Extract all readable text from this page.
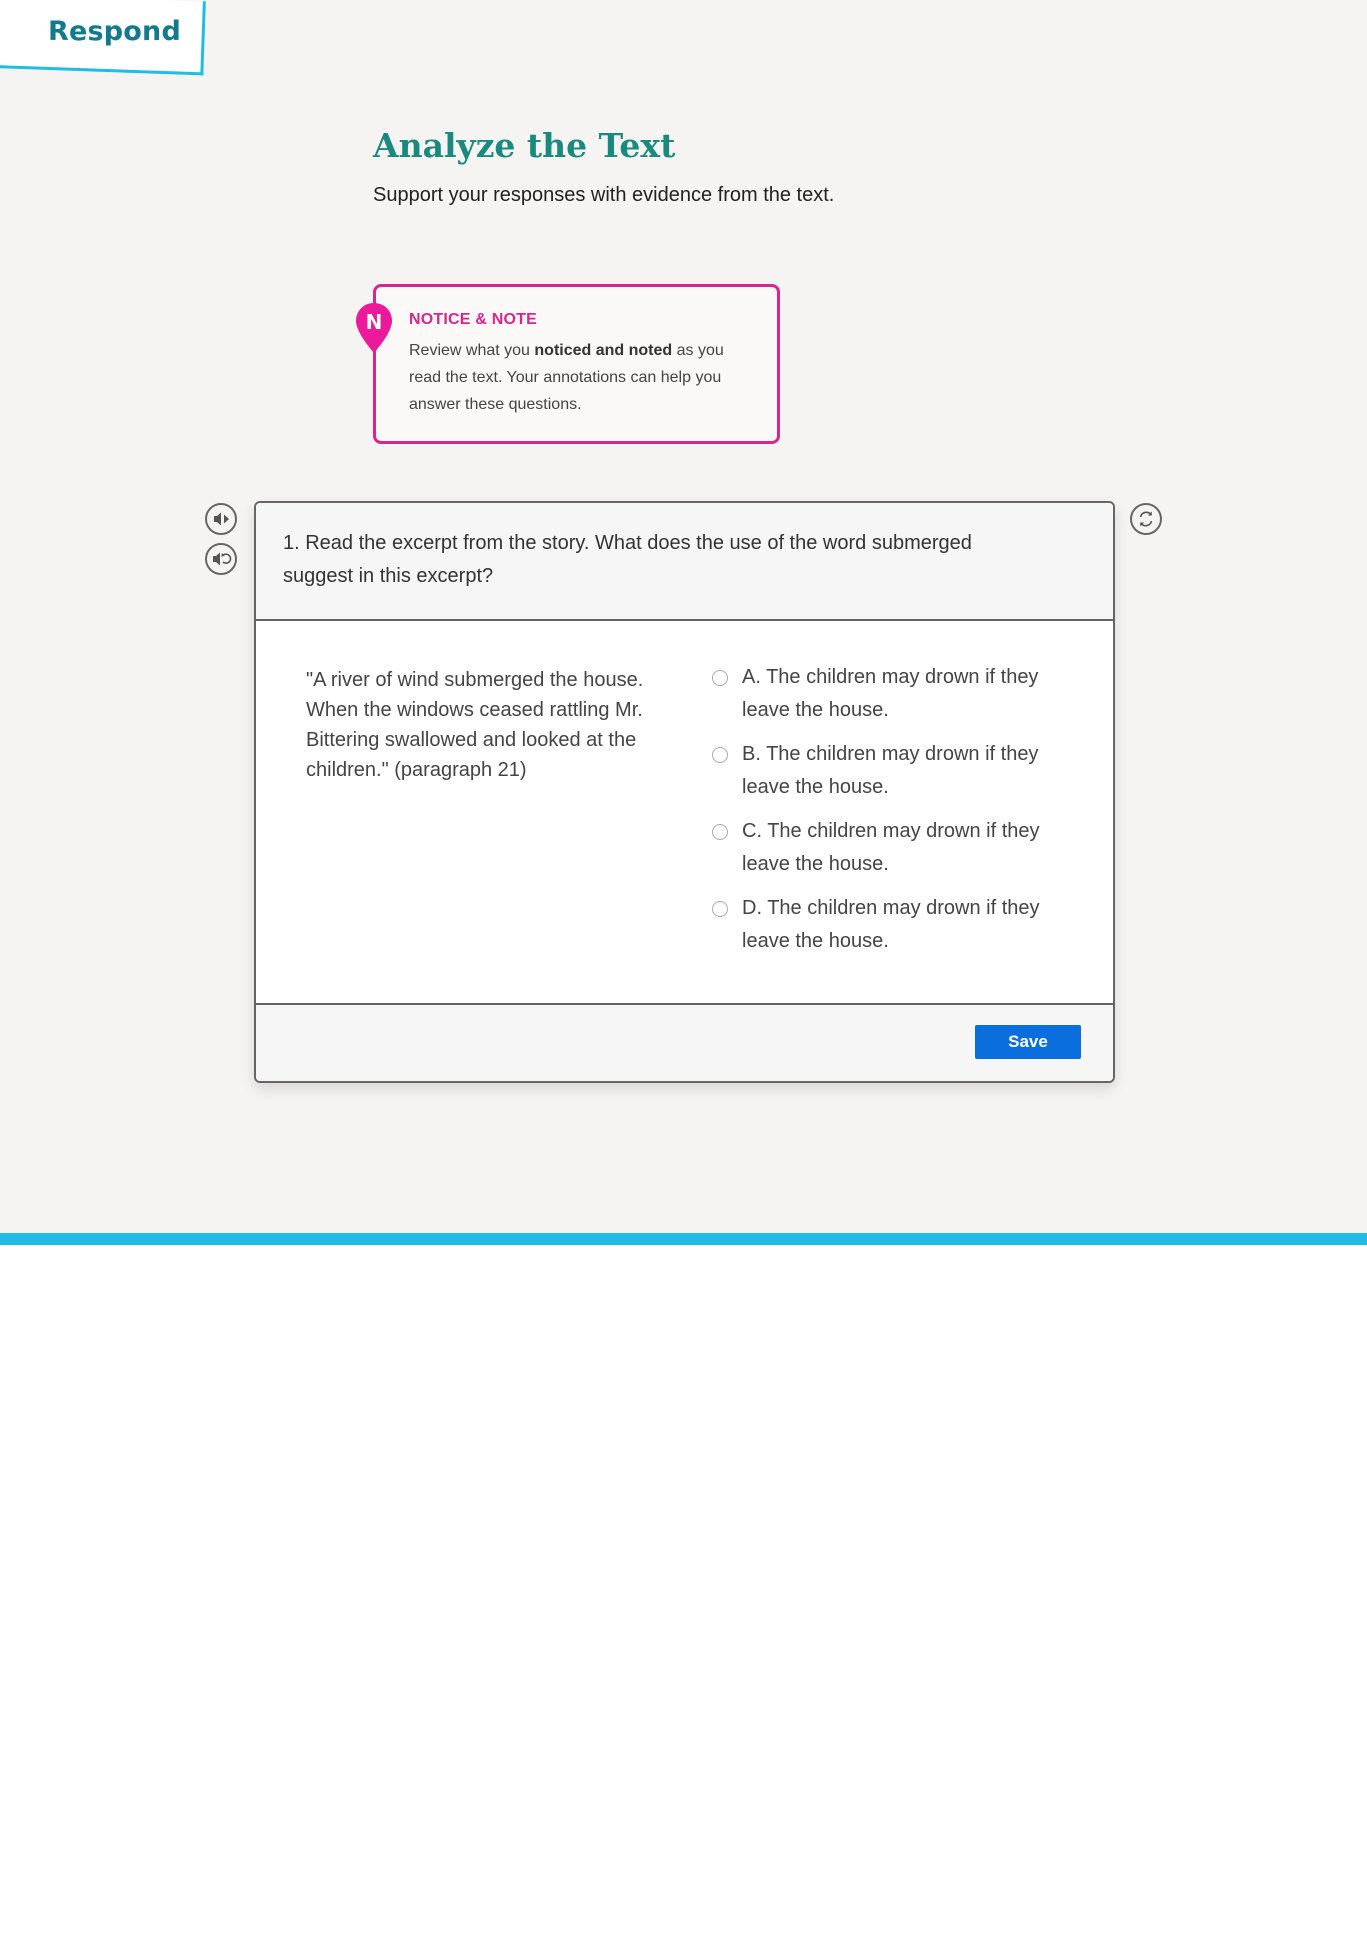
Respond
Analyze the Text

Support your responses with evidence from the text.

NOTICE & NOTE
Review what you noticed and noted as you read the text. Your annotations can help you answer these questions.
N
1. Read the excerpt from the story. What does the use of the word submerged suggest in this excerpt?
"A river of wind submerged the house. When the windows ceased rattling Mr. Bittering swallowed and looked at the children." (paragraph 21)
A. The children may drown if they leave the house.
B. The children may drown if they leave the house.
C. The children may drown if they leave the house.
D. The children may drown if they leave the house.
Save
